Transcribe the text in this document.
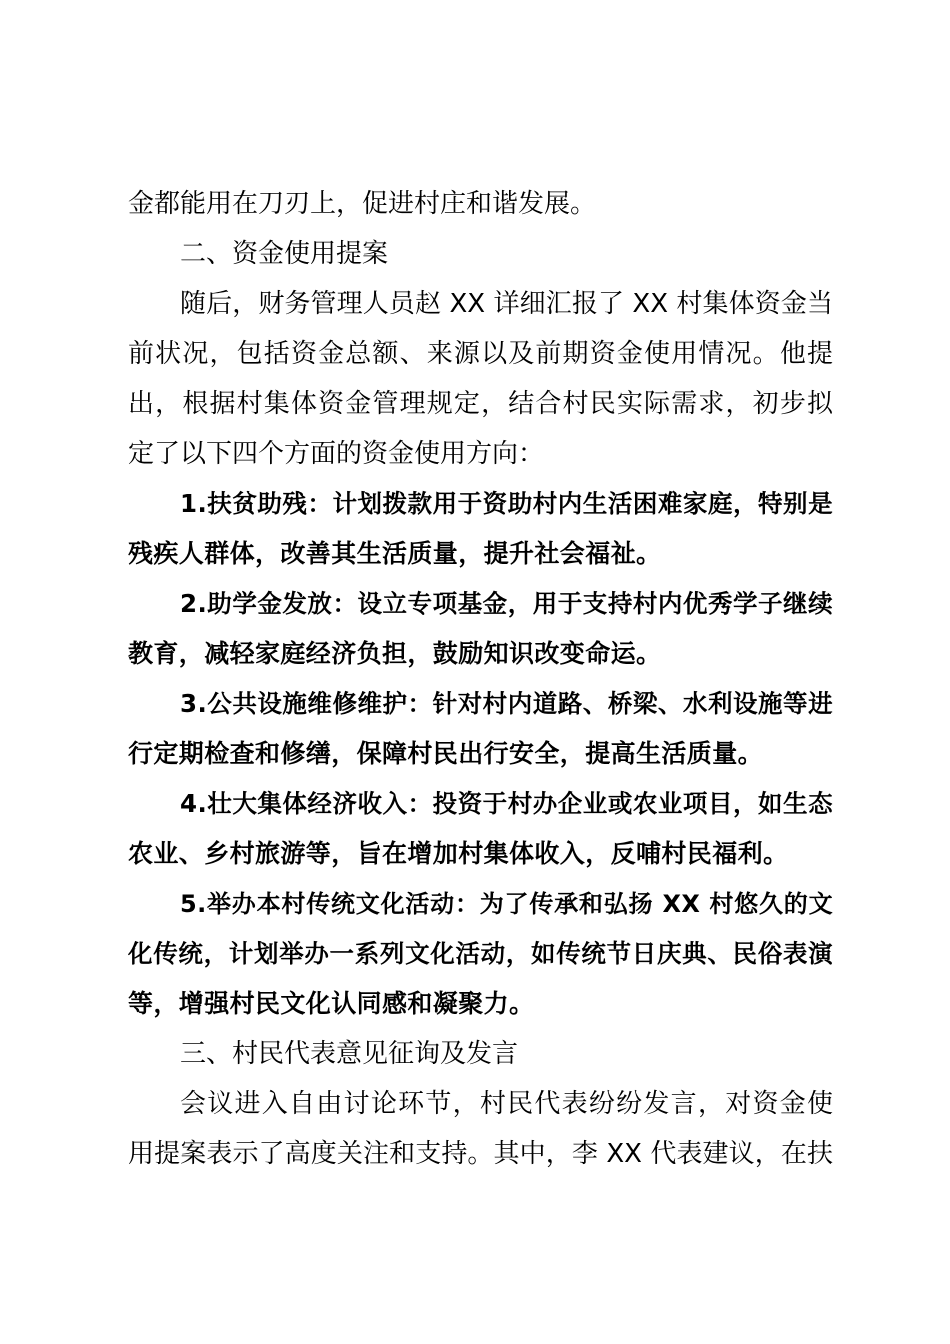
金都能用在刀刃上，促进村庄和谐发展。
二、资金使用提案
随后，财务管理人员赵 XX 详细汇报了 XX 村集体资金当
前状况，包括资金总额、来源以及前期资金使用情况。他提
出，根据村集体资金管理规定，结合村民实际需求，初步拟
定了以下四个方面的资金使用方向：
1.扶贫助残：计划拨款用于资助村内生活困难家庭，特别是
残疾人群体，改善其生活质量，提升社会福祉。
2.助学金发放：设立专项基金，用于支持村内优秀学子继续
教育，减轻家庭经济负担，鼓励知识改变命运。
3.公共设施维修维护：针对村内道路、桥梁、水利设施等进
行定期检查和修缮，保障村民出行安全，提高生活质量。
4.壮大集体经济收入：投资于村办企业或农业项目，如生态
农业、乡村旅游等，旨在增加村集体收入，反哺村民福利。
5.举办本村传统文化活动：为了传承和弘扬 XX 村悠久的文
化传统，计划举办一系列文化活动，如传统节日庆典、民俗表演
等，增强村民文化认同感和凝聚力。
三、村民代表意见征询及发言
会议进入自由讨论环节，村民代表纷纷发言，对资金使
用提案表示了高度关注和支持。其中，李 XX 代表建议，在扶
